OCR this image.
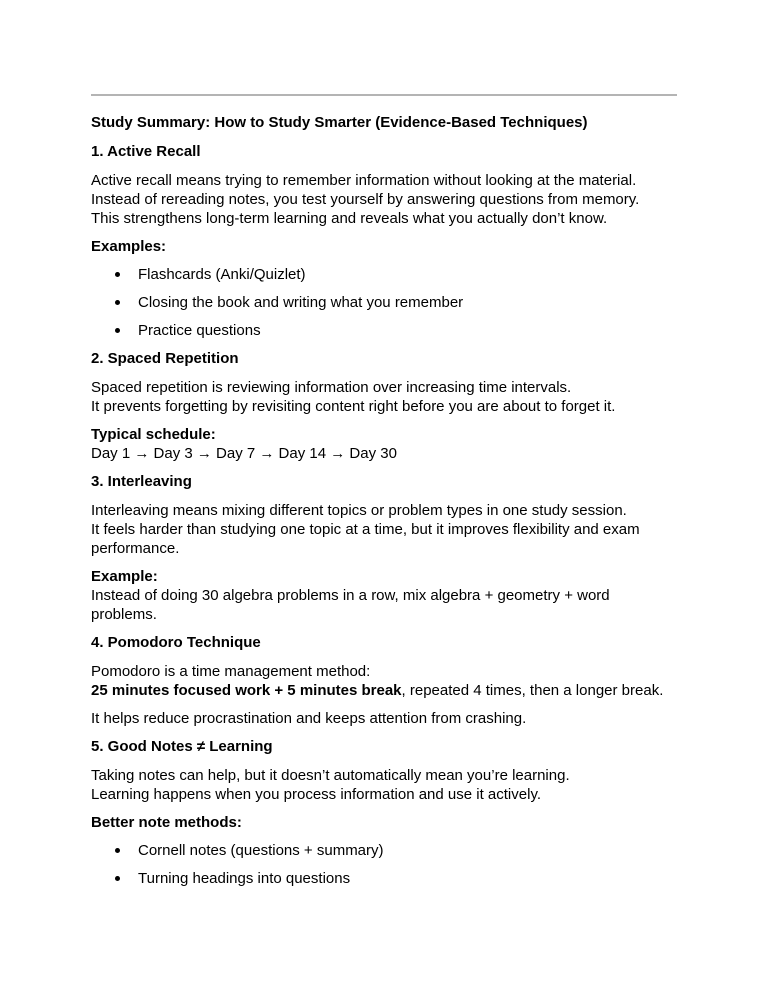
Study Summary: How to Study Smarter (Evidence-Based Techniques)
1. Active Recall
Active recall means trying to remember information without looking at the material.
Instead of rereading notes, you test yourself by answering questions from memory.
This strengthens long-term learning and reveals what you actually don’t know.
Examples:
Flashcards (Anki/Quizlet)
Closing the book and writing what you remember
Practice questions
2. Spaced Repetition
Spaced repetition is reviewing information over increasing time intervals.
It prevents forgetting by revisiting content right before you are about to forget it.
Typical schedule:
Day 1 → Day 3 → Day 7 → Day 14 → Day 30
3. Interleaving
Interleaving means mixing different topics or problem types in one study session.
It feels harder than studying one topic at a time, but it improves flexibility and exam performance.
Example:
Instead of doing 30 algebra problems in a row, mix algebra + geometry + word problems.
4. Pomodoro Technique
Pomodoro is a time management method:
25 minutes focused work + 5 minutes break, repeated 4 times, then a longer break.
It helps reduce procrastination and keeps attention from crashing.
5. Good Notes ≠ Learning
Taking notes can help, but it doesn’t automatically mean you’re learning.
Learning happens when you process information and use it actively.
Better note methods:
Cornell notes (questions + summary)
Turning headings into questions
